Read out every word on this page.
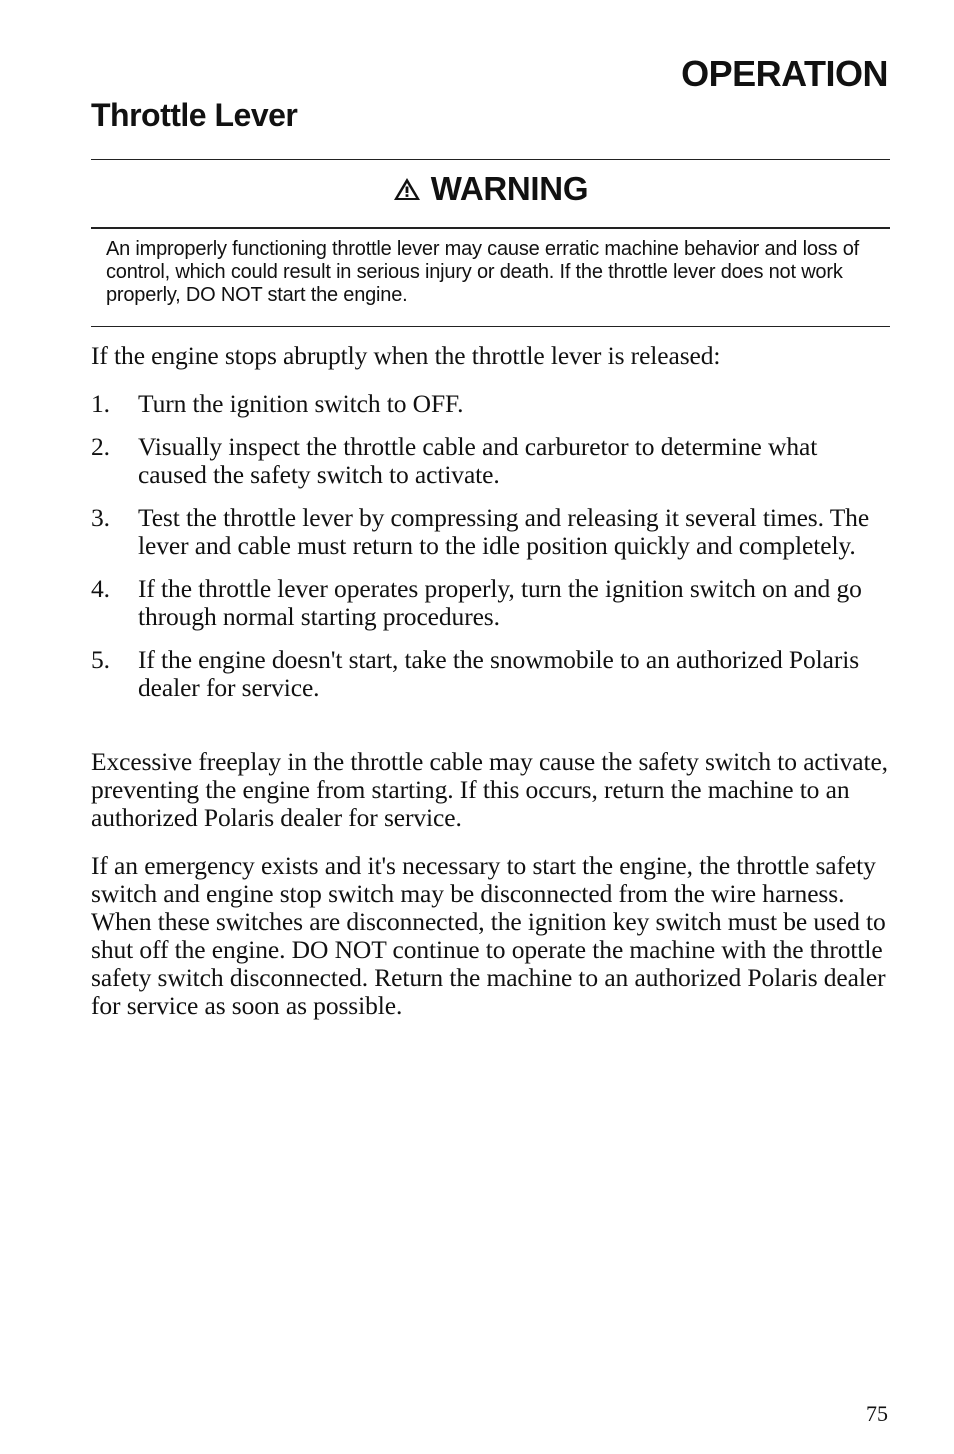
OPERATION
Throttle Lever
WARNING

An improperly functioning throttle lever may cause erratic machine behavior and loss of control, which could result in serious injury or death. If the throttle lever does not work properly, DO NOT start the engine.

If the engine stops abruptly when the throttle lever is released:

1. Turn the ignition switch to OFF.
2. Visually inspect the throttle cable and carburetor to determine what caused the safety switch to activate.
3. Test the throttle lever by compressing and releasing it several times. The lever and cable must return to the idle position quickly and completely.
4. If the throttle lever operates properly, turn the ignition switch on and go through normal starting procedures.
5. If the engine doesn't start, take the snowmobile to an authorized Polaris dealer for service.

Excessive freeplay in the throttle cable may cause the safety switch to activate, preventing the engine from starting. If this occurs, return the machine to an authorized Polaris dealer for service.

If an emergency exists and it's necessary to start the engine, the throttle safety switch and engine stop switch may be disconnected from the wire harness. When these switches are disconnected, the ignition key switch must be used to shut off the engine. DO NOT continue to operate the machine with the throttle safety switch disconnected. Return the machine to an authorized Polaris dealer for service as soon as possible.

75
